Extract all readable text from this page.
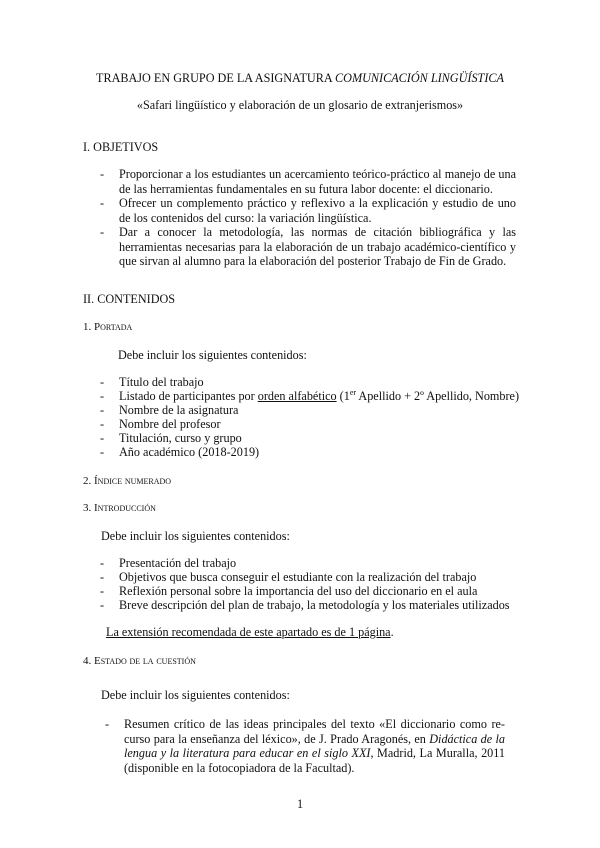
TRABAJO EN GRUPO DE LA ASIGNATURA COMUNICACIÓN LINGÜÍSTICA
«Safari lingüístico y elaboración de un glosario de extranjerismos»
I. OBJETIVOS
- Proporcionar a los estudiantes un acercamiento teórico-práctico al manejo de una de las herramientas fundamentales en su futura labor docente: el diccionario.
- Ofrecer un complemento práctico y reflexivo a la explicación y estudio de uno de los contenidos del curso: la variación lingüística.
- Dar a conocer la metodología, las normas de citación bibliográfica y las herramientas necesarias para la elaboración de un trabajo académico-científico y que sirvan al alumno para la elaboración del posterior Trabajo de Fin de Grado.
II. CONTENIDOS
1. Portada
Debe incluir los siguientes contenidos:
- Título del trabajo
- Listado de participantes por orden alfabético (1er Apellido + 2º Apellido, Nombre)
- Nombre de la asignatura
- Nombre del profesor
- Titulación, curso y grupo
- Año académico (2018-2019)
2. Índice numerado
3. Introducción
Debe incluir los siguientes contenidos:
- Presentación del trabajo
- Objetivos que busca conseguir el estudiante con la realización del trabajo
- Reflexión personal sobre la importancia del uso del diccionario en el aula
- Breve descripción del plan de trabajo, la metodología y los materiales utilizados
La extensión recomendada de este apartado es de 1 página.
4. Estado de la cuestión
Debe incluir los siguientes contenidos:
- Resumen crítico de las ideas principales del texto «El diccionario como re-curso para la enseñanza del léxico», de J. Prado Aragonés, en Didáctica de la lengua y la literatura para educar en el siglo XXI, Madrid, La Muralla, 2011 (disponible en la fotocopiadora de la Facultad).
1
